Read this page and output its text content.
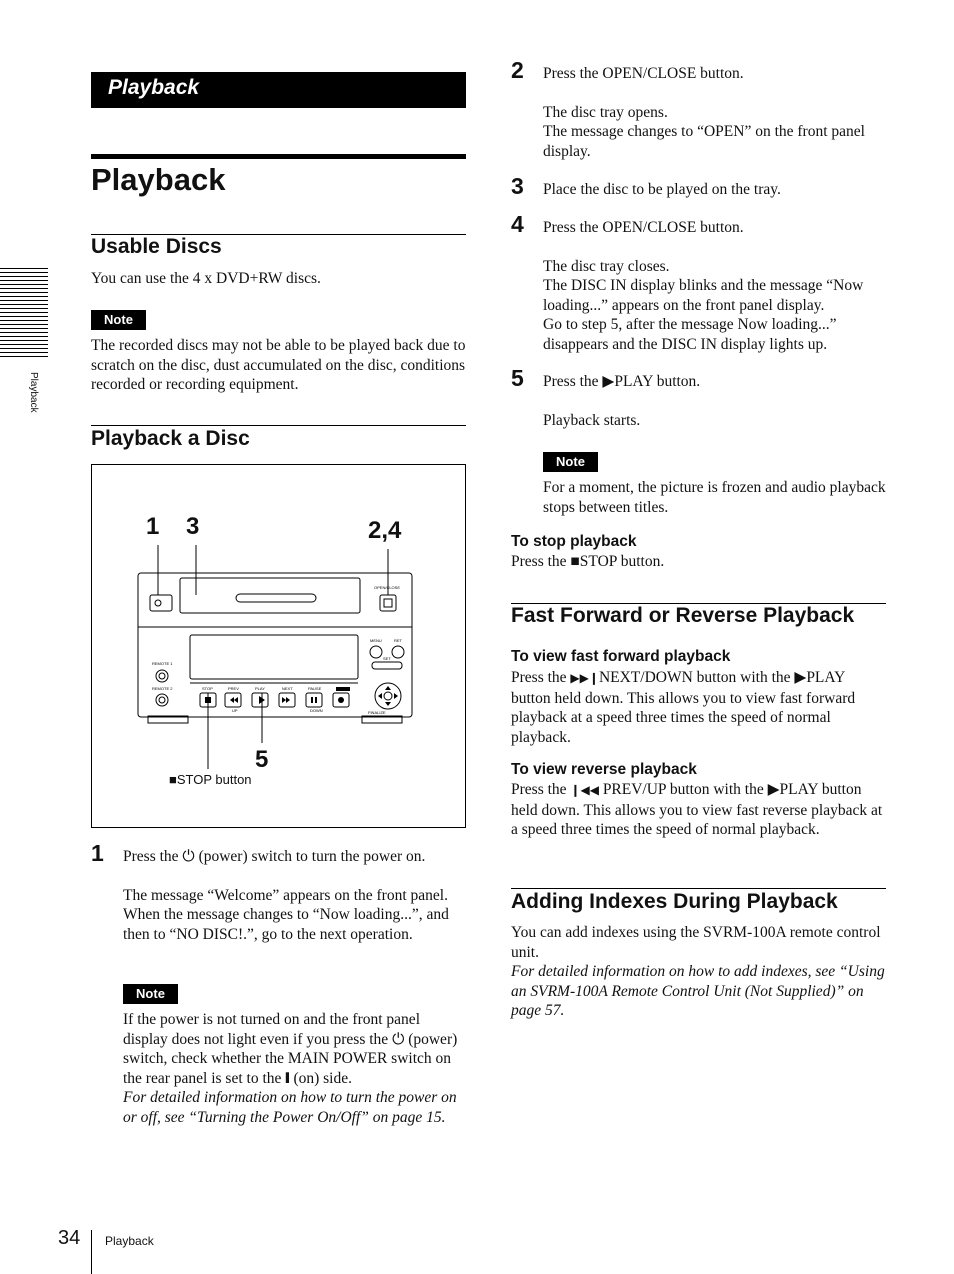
Playback
Playback
Playback
Usable Discs
You can use the 4 x DVD+RW discs.
Note
The recorded discs may not be able to be played back due to scratch on the disc, dust accumulated on the disc, conditions recorded or recording equipment.
Playback a Disc
1 3	2,4
5
■STOP button
OPEN/CLOSE
MENU	RET
SET
REMOTE 1
REMOTE 2	STOP	PREV	PLAY	NEXT	PAUSE
UP	DOWN
REC
FINALIZE
1 Press the ⏻ (power) switch to turn the power on.

The message “Welcome” appears on the front panel.

When the message changes to “Now loading...”, and then to “NO DISC!.”, go to the next operation.

Note

If the power is not turned on and the front panel display does not light even if you press the ⏻ (power) switch, check whether the MAIN POWER switch on the rear panel is set to the ❙ (on) side.

For detailed information on how to turn the power on or off, see “Turning the Power On/Off” on page 15.

2 Press the OPEN/CLOSE button.

The disc tray opens.

The message changes to “OPEN” on the front panel display.

3 Place the disc to be played on the tray.
4 Press the OPEN/CLOSE button.

The disc tray closes.

The DISC IN display blinks and the message “Now loading...” appears on the front panel display.

Go to step 5, after the message Now loading...” disappears and the DISC IN display lights up.

5 Press the ▶PLAY button.

Playback starts.

Note
For a moment, the picture is frozen and audio playback stops between titles.
To stop playback
Press the ■STOP button.
Fast Forward or Reverse Playback
To view fast forward playback
Press the ▶▶❙NEXT/DOWN button with the ▶PLAY button held down. This allows you to view fast forward playback at a speed three times the speed of normal playback.
To view reverse playback
Press the ❙◀◀ PREV/UP button with the ▶PLAY button held down. This allows you to view fast reverse playback at a speed three times the speed of normal playback.
Adding Indexes During Playback

You can add indexes using the SVRM-100A remote control unit.

For detailed information on how to add indexes, see “Using an SVRM-100A Remote Control Unit (Not Supplied)” on page 57.

34 Playback
